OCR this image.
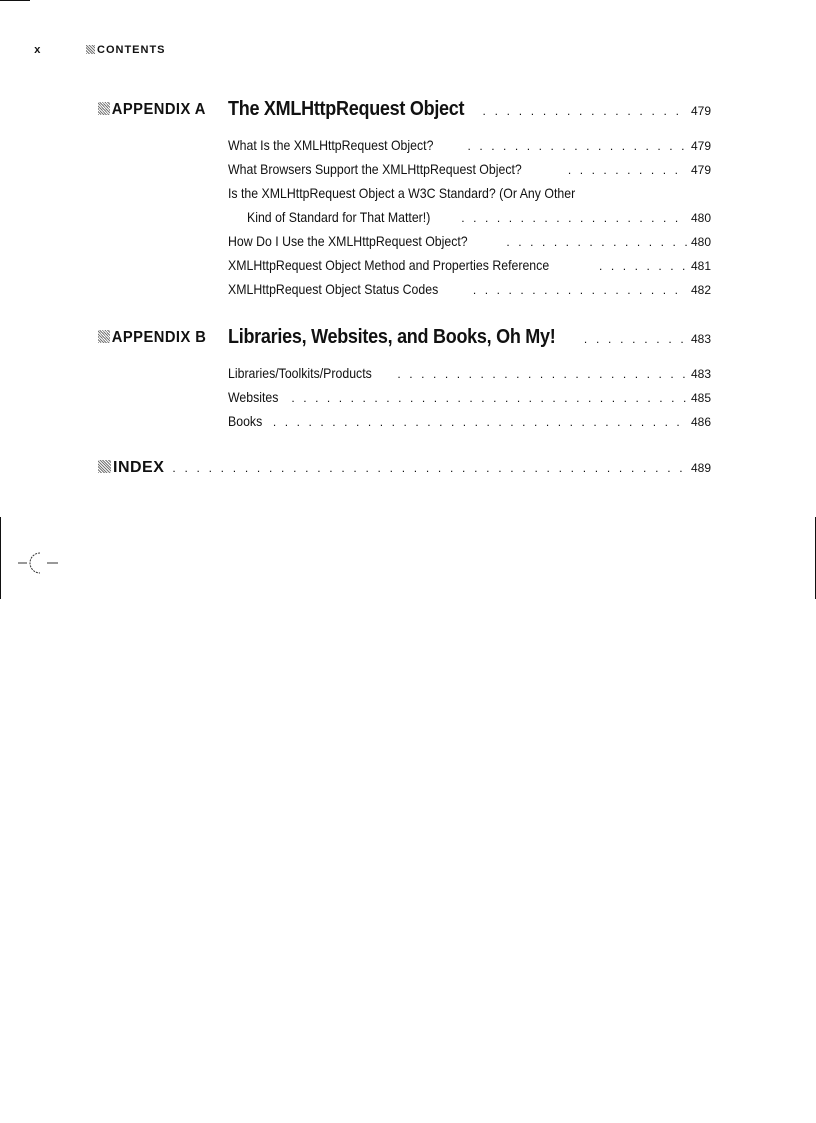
x	CONTENTS
APPENDIX A The XMLHttpRequest Object . . .	479
What Is the XMLHttpRequest Object? . . .	479
What Browsers Support the XMLHttpRequest Object? . . .	479
Is the XMLHttpRequest Object a W3C Standard? (Or Any Other
Kind of Standard for That Matter!) . . .	480
How Do I Use the XMLHttpRequest Object? . . .	480
XMLHttpRequest Object Method and Properties Reference . . .	481
XMLHttpRequest Object Status Codes . . .	482
APPENDIX B Libraries, Websites, and Books, Oh My! . . .	483
Libraries/Toolkits/Products . . .	483
Websites . . .	485
Books . . .	486
INDEX . . .	489
